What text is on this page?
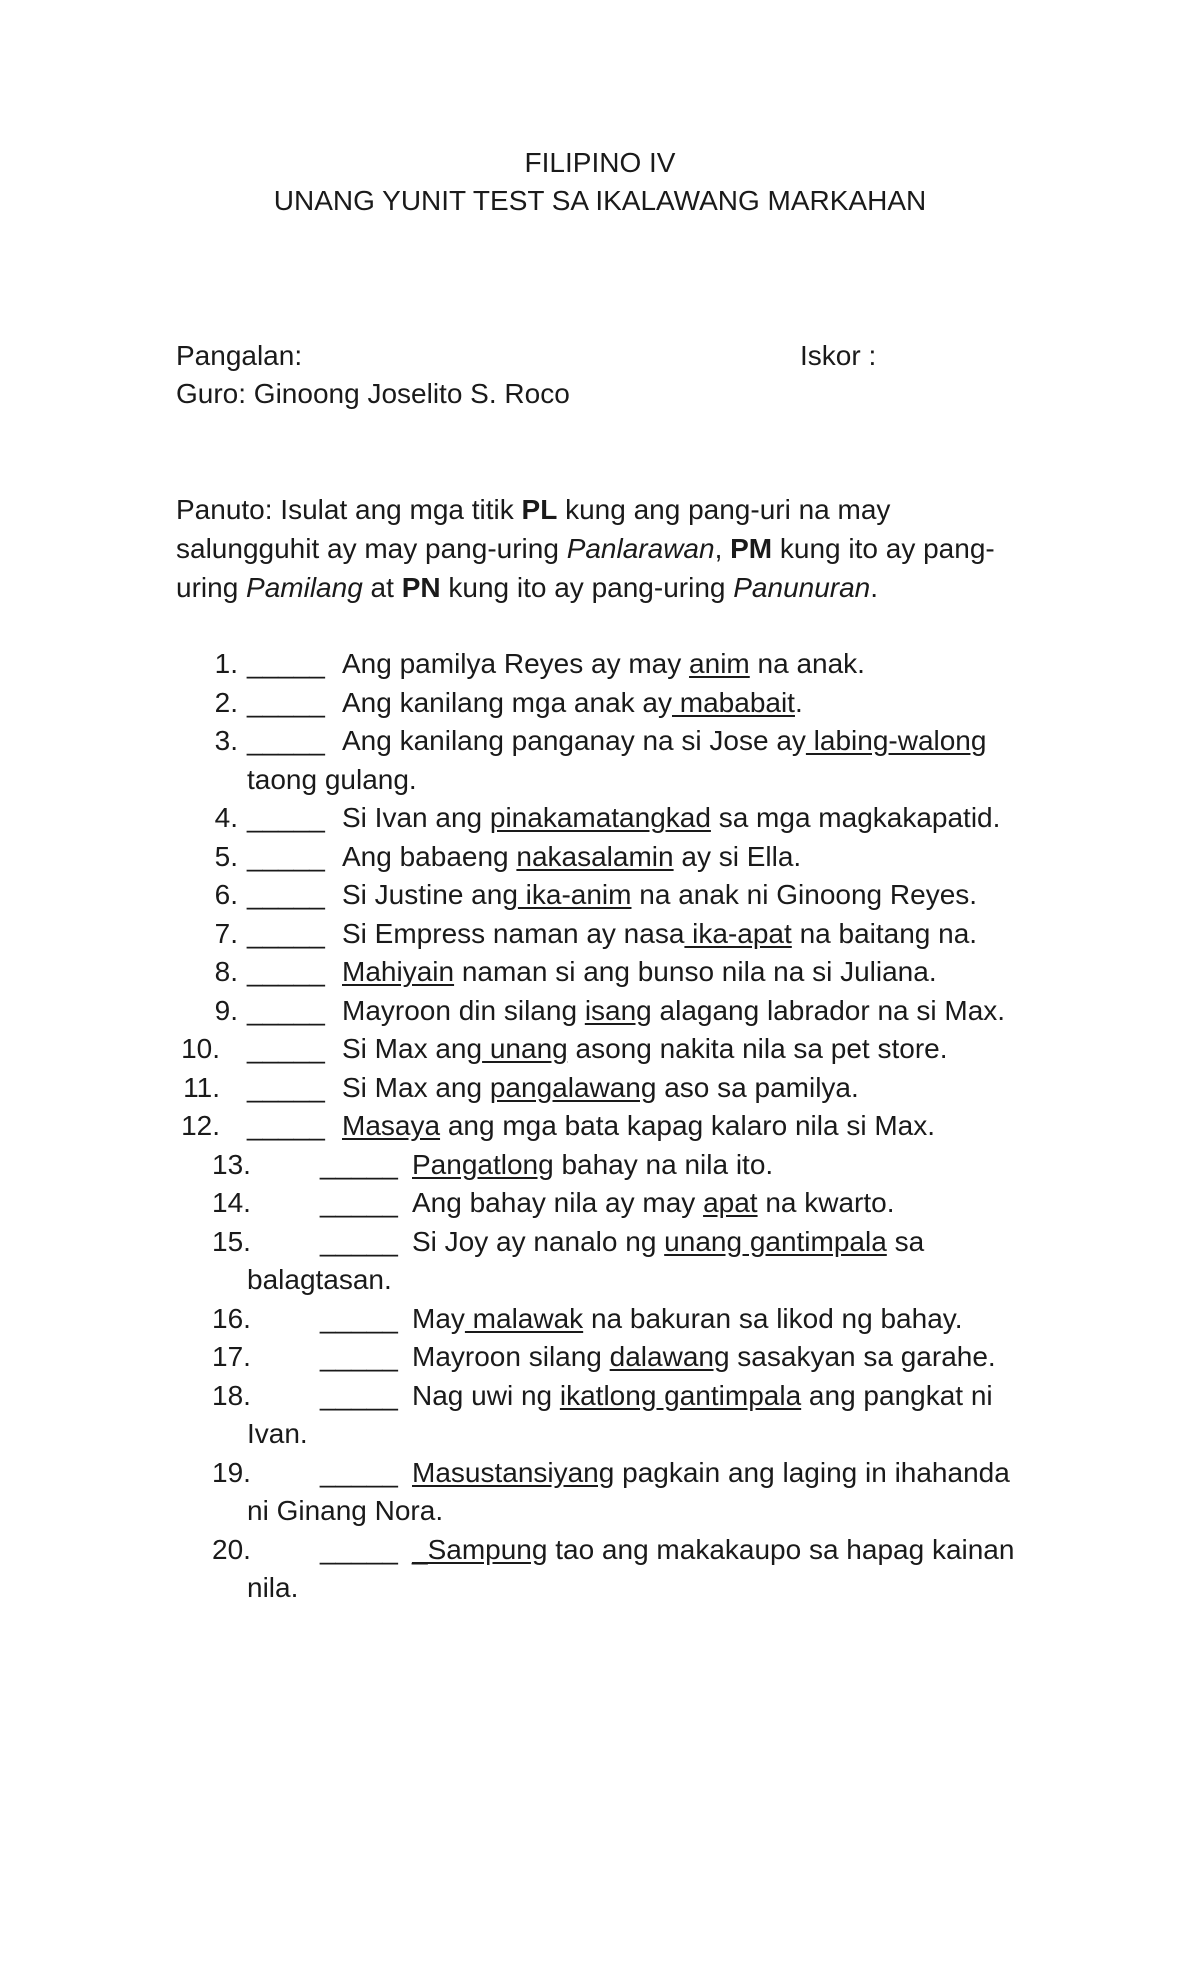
FILIPINO IV
UNANG YUNIT TEST SA IKALAWANG MARKAHAN
Pangalan:	Iskor :
Guro: Ginoong Joselito S. Roco
Panuto: Isulat ang mga titik PL kung ang pang-uri na may salungguhit ay may pang-uring Panlarawan, PM kung ito ay pang-uring Pamilang at PN kung ito ay pang-uring Panunuran.
1. _____ Ang pamilya Reyes ay may anim na anak.
2. _____ Ang kanilang mga anak ay mababait.
3. _____ Ang kanilang panganay na si Jose ay labing-walong
taong gulang.
4. _____ Si Ivan ang pinakamatangkad sa mga magkakapatid.
5. _____ Ang babaeng nakasalamin ay si Ella.
6. _____ Si Justine ang ika-anim na anak ni Ginoong Reyes.
7. _____ Si Empress naman ay nasa ika-apat na baitang na.
8. _____ Mahiyain naman si ang bunso nila na si Juliana.
9. _____ Mayroon din silang isang alagang labrador na si Max.
10. _____ Si Max ang unang asong nakita nila sa pet store.
11. _____ Si Max ang pangalawang aso sa pamilya.
12. _____ Masaya ang mga bata kapag kalaro nila si Max.
13.	_____ Pangatlong bahay na nila ito.
14.	_____ Ang bahay nila ay may apat na kwarto.
15.	_____ Si Joy ay nanalo ng unang gantimpala sa
balagtasan.
16.	_____ May malawak na bakuran sa likod ng bahay.
17.	_____ Mayroon silang dalawang sasakyan sa garahe.
18.	_____ Nag uwi ng ikatlong gantimpala ang pangkat ni
Ivan.
19.	_____ Masustansiyang pagkain ang laging in ihahanda
ni Ginang Nora.
20.	_____ _Sampung tao ang makakaupo sa hapag kainan
nila.
